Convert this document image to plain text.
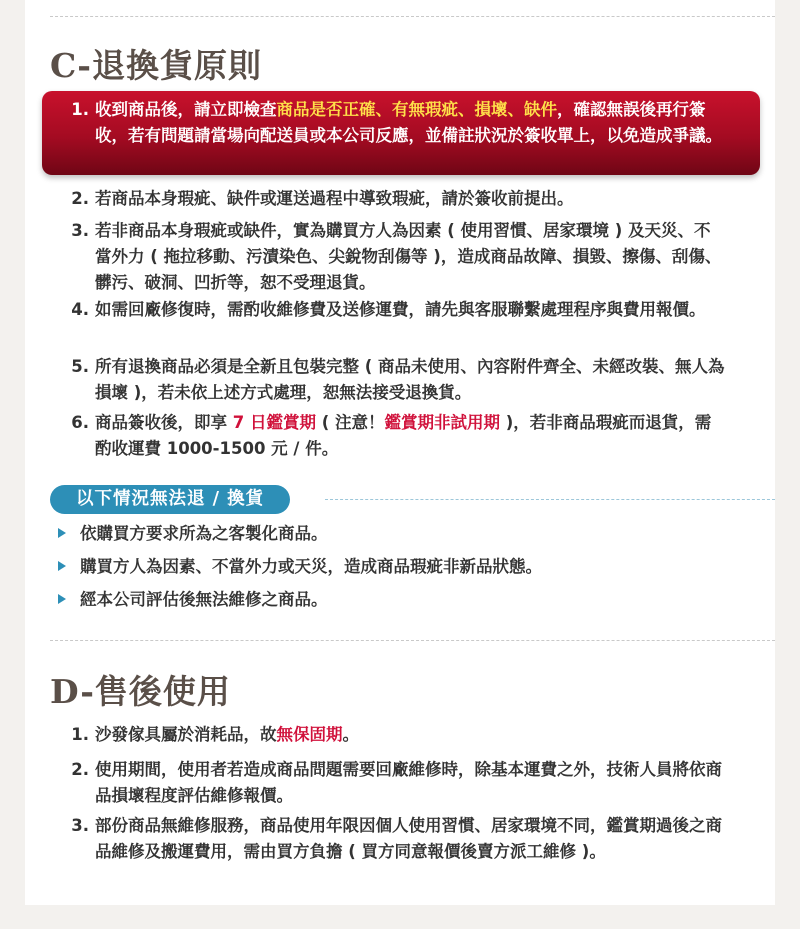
C-退換貨原則
1. 收到商品後，請立即檢查商品是否正確、有無瑕疵、損壞、缺件，確認無誤後再行簽收，若有問題請當場向配送員或本公司反應，並備註狀況於簽收單上，以免造成爭議。
2. 若商品本身瑕疵、缺件或運送過程中導致瑕疵，請於簽收前提出。
3. 若非商品本身瑕疵或缺件，實為購買方人為因素 ( 使用習慣、居家環境 ) 及天災、不當外力 ( 拖拉移動、污漬染色、尖銳物刮傷等 )，造成商品故障、損毀、擦傷、刮傷、髒污、破洞、凹折等，恕不受理退貨。
4. 如需回廠修復時，需酌收維修費及送修運費，請先與客服聯繫處理程序與費用報價。
5. 所有退換商品必須是全新且包裝完整 ( 商品未使用、內容附件齊全、未經改裝、無人為損壞 )，若未依上述方式處理，恕無法接受退換貨。
6. 商品簽收後，即享 7 日鑑賞期 ( 注意！鑑賞期非試用期 )，若非商品瑕疵而退貨，需酌收運費 1000-1500 元 / 件。
以下情況無法退 / 換貨
依購買方要求所為之客製化商品。
購買方人為因素、不當外力或天災，造成商品瑕疵非新品狀態。
經本公司評估後無法維修之商品。
D-售後使用
1. 沙發傢具屬於消耗品，故無保固期。
2. 使用期間，使用者若造成商品問題需要回廠維修時，除基本運費之外，技術人員將依商品損壞程度評估維修報價。
3. 部份商品無維修服務，商品使用年限因個人使用習慣、居家環境不同，鑑賞期過後之商品維修及搬運費用，需由買方負擔 ( 買方同意報價後賣方派工維修 )。
